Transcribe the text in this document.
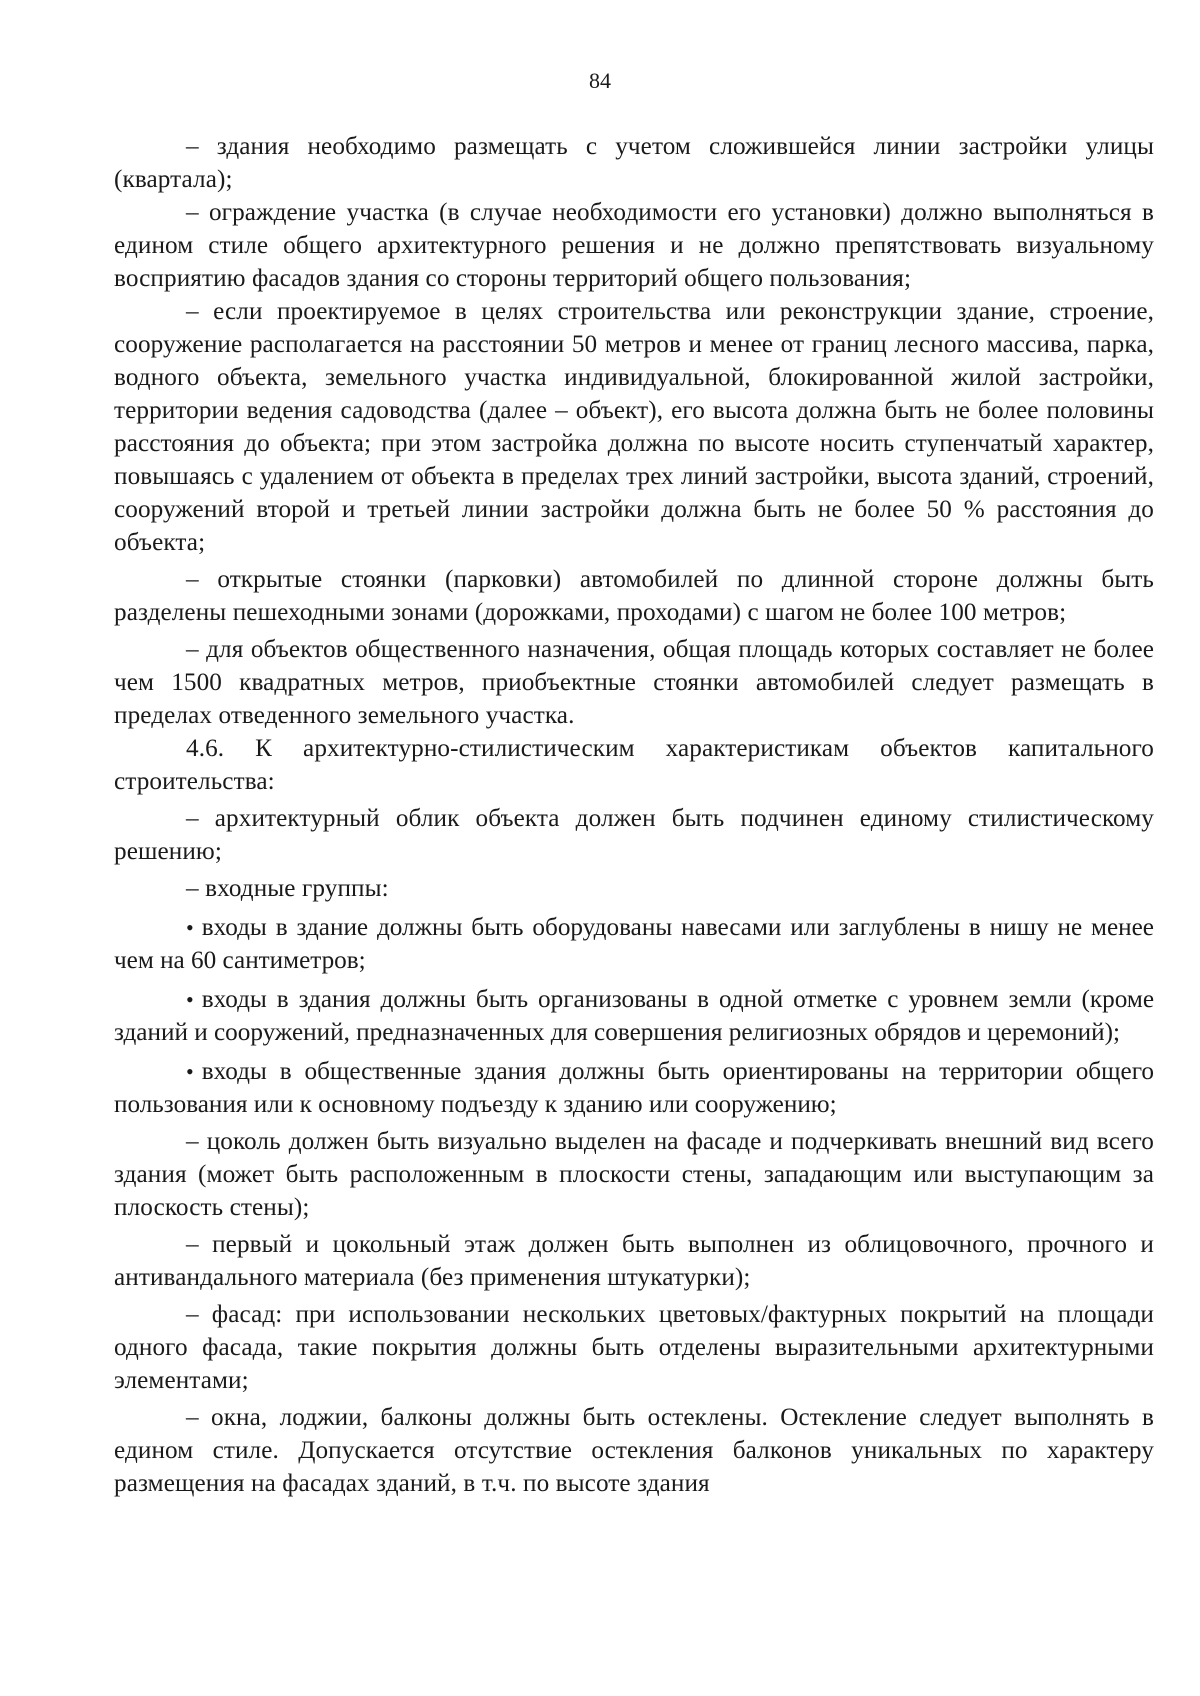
84

– здания необходимо размещать с учетом сложившейся линии застройки улицы (квартала);

– ограждение участка (в случае необходимости его установки) должно выполняться в едином стиле общего архитектурного решения и не должно препятствовать визуальному восприятию фасадов здания со стороны территорий общего пользования;

– если проектируемое в целях строительства или реконструкции здание, строение, сооружение располагается на расстоянии 50 метров и менее от границ лесного массива, парка, водного объекта, земельного участка индивидуальной, блокированной жилой застройки, территории ведения садоводства (далее – объект), его высота должна быть не более половины расстояния до объекта; при этом застройка должна по высоте носить ступенчатый характер, повышаясь с удалением от объекта в пределах трех линий застройки, высота зданий, строений, сооружений второй и третьей линии застройки должна быть не более 50 % расстояния до объекта;

– открытые стоянки (парковки) автомобилей по длинной стороне должны быть разделены пешеходными зонами (дорожками, проходами) с шагом не более 100 метров;

– для объектов общественного назначения, общая площадь которых составляет не более чем 1500 квадратных метров, приобъектные стоянки автомобилей следует размещать в пределах отведенного земельного участка.

4.6. К архитектурно-стилистическим характеристикам объектов капитального строительства:

– архитектурный облик объекта должен быть подчинен единому стилистическому решению;

– входные группы:

• входы в здание должны быть оборудованы навесами или заглублены в нишу не менее чем на 60 сантиметров;

• входы в здания должны быть организованы в одной отметке с уровнем земли (кроме зданий и сооружений, предназначенных для совершения религиозных обрядов и церемоний);

• входы в общественные здания должны быть ориентированы на территории общего пользования или к основному подъезду к зданию или сооружению;

– цоколь должен быть визуально выделен на фасаде и подчеркивать внешний вид всего здания (может быть расположенным в плоскости стены, западающим или выступающим за плоскость стены);

– первый и цокольный этаж должен быть выполнен из облицовочного, прочного и антивандального материала (без применения штукатурки);

– фасад: при использовании нескольких цветовых/фактурных покрытий на площади одного фасада, такие покрытия должны быть отделены выразительными архитектурными элементами;

– окна, лоджии, балконы должны быть остеклены. Остекление следует выполнять в едином стиле. Допускается отсутствие остекления балконов уникальных по характеру размещения на фасадах зданий, в т.ч. по высоте здания
